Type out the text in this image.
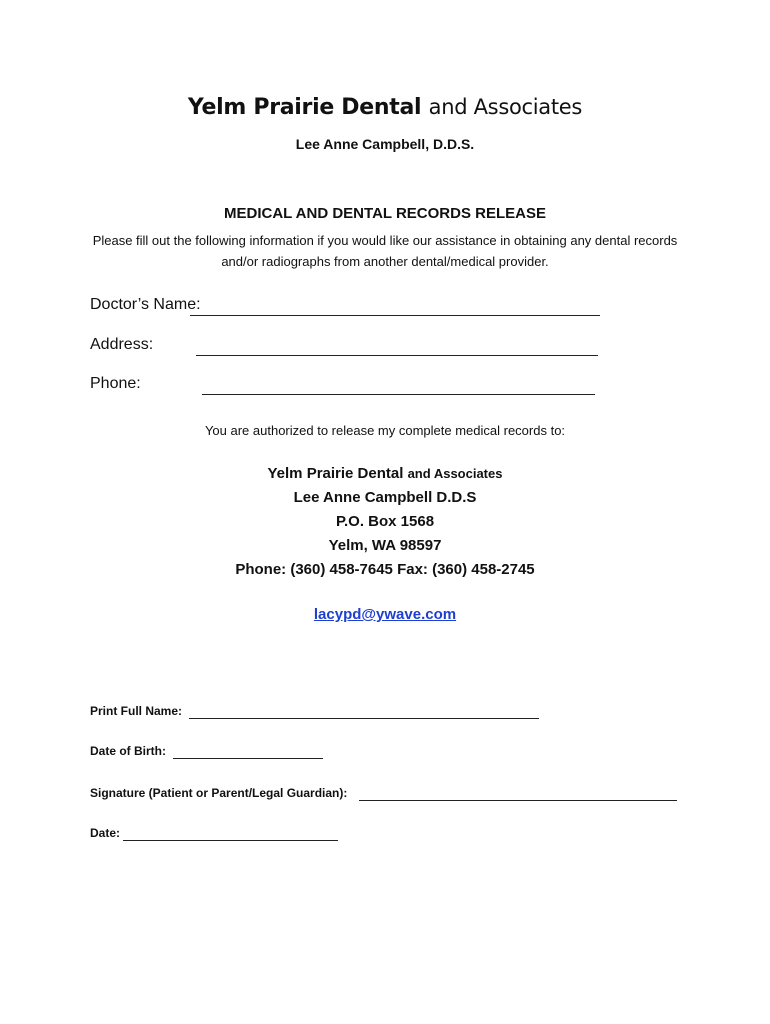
Yelm Prairie Dental and Associates
Lee Anne Campbell, D.D.S.
MEDICAL AND DENTAL RECORDS RELEASE
Please fill out the following information if you would like our assistance in obtaining any dental records
and/or radiographs from another dental/medical provider.
Doctor’s Name:
Address:
Phone:
You are authorized to release my complete medical records to:
Yelm Prairie Dental and Associates
Lee Anne Campbell D.D.S
P.O. Box 1568
Yelm, WA 98597
Phone: (360) 458-7645 Fax: (360) 458-2745
lacypd@ywave.com
Print Full Name:
Date of Birth:
Signature (Patient or Parent/Legal Guardian):
Date:
